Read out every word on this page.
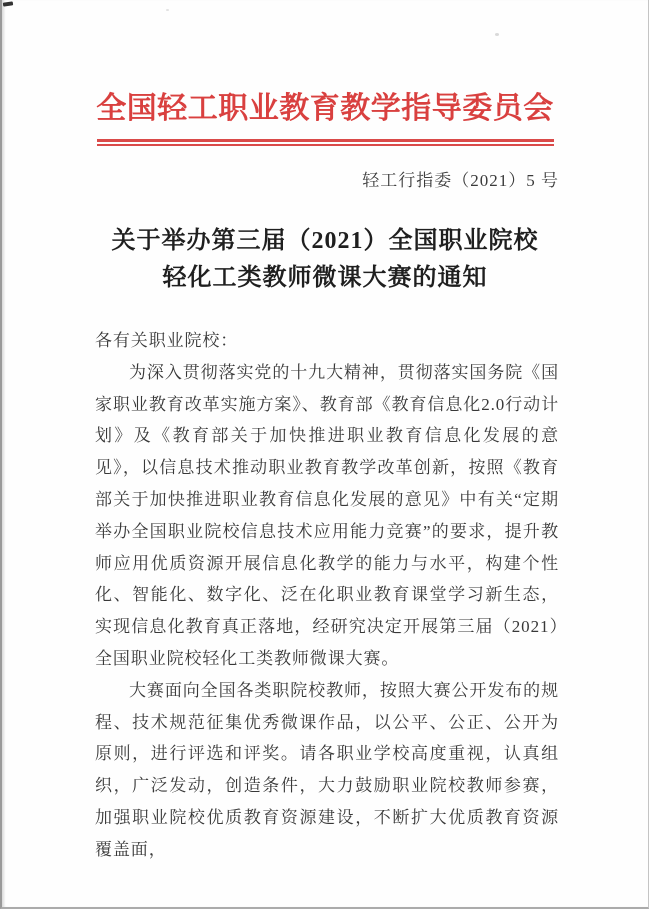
全国轻工职业教育教学指导委员会
轻工行指委（2021）5 号
关于举办第三届（2021）全国职业院校
轻化工类教师微课大赛的通知

各有关职业院校：

为深入贯彻落实党的十九大精神，贯彻落实国务院《国家职业教育改革实施方案》、教育部《教育信息化2.0行动计划》及《教育部关于加快推进职业教育信息化发展的意见》，以信息技术推动职业教育教学改革创新，按照《教育部关于加快推进职业教育信息化发展的意见》中有关“定期举办全国职业院校信息技术应用能力竞赛”的要求，提升教师应用优质资源开展信息化教学的能力与水平，构建个性化、智能化、数字化、泛在化职业教育课堂学习新生态，实现信息化教育真正落地，经研究决定开展第三届（2021）全国职业院校轻化工类教师微课大赛。

大赛面向全国各类职院校教师，按照大赛公开发布的规程、技术规范征集优秀微课作品，以公平、公正、公开为原则，进行评选和评奖。请各职业学校高度重视，认真组织，广泛发动，创造条件，大力鼓励职业院校教师参赛，加强职业院校优质教育资源建设，不断扩大优质教育资源覆盖面，
